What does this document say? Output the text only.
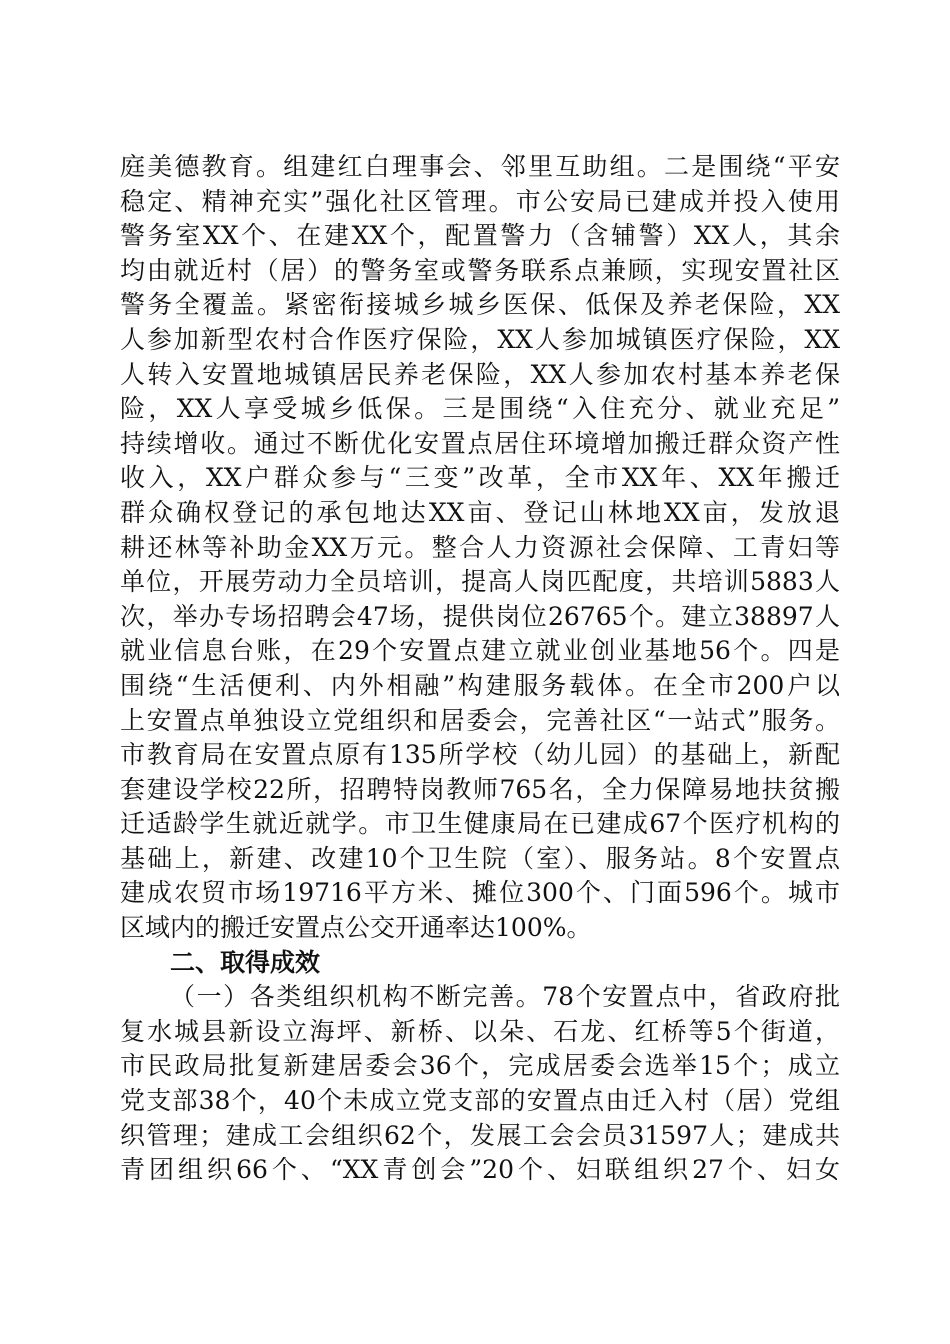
庭美德教育。组建红白理事会、邻里互助组。二是围绕“平安
稳定、精神充实”强化社区管理。市公安局已建成并投入使用
警务室XX个、在建XX个，配置警力（含辅警）XX人，其余
均由就近村（居）的警务室或警务联系点兼顾，实现安置社区
警务全覆盖。紧密衔接城乡城乡医保、低保及养老保险，XX
人参加新型农村合作医疗保险，XX人参加城镇医疗保险，XX
人转入安置地城镇居民养老保险，XX人参加农村基本养老保
险，XX人享受城乡低保。三是围绕“入住充分、就业充足”
持续增收。通过不断优化安置点居住环境增加搬迁群众资产性
收入，XX户群众参与“三变”改革，全市XX年、XX年搬迁
群众确权登记的承包地达XX亩、登记山林地XX亩，发放退
耕还林等补助金XX万元。整合人力资源社会保障、工青妇等
单位，开展劳动力全员培训，提高人岗匹配度，共培训5883人
次，举办专场招聘会47场，提供岗位26765个。建立38897人
就业信息台账，在29个安置点建立就业创业基地56个。四是
围绕“生活便利、内外相融”构建服务载体。在全市200户以
上安置点单独设立党组织和居委会，完善社区“一站式”服务。
市教育局在安置点原有135所学校（幼儿园）的基础上，新配
套建设学校22所，招聘特岗教师765名，全力保障易地扶贫搬
迁适龄学生就近就学。市卫生健康局在已建成67个医疗机构的
基础上，新建、改建10个卫生院（室）、服务站。8个安置点
建成农贸市场19716平方米、摊位300个、门面596个。城市
区域内的搬迁安置点公交开通率达100%。
二、取得成效
（一）各类组织机构不断完善。78个安置点中，省政府批
复水城县新设立海坪、新桥、以朵、石龙、红桥等5个街道，
市民政局批复新建居委会36个，完成居委会选举15个；成立
党支部38个，40个未成立党支部的安置点由迁入村（居）党组
织管理；建成工会组织62个，发展工会会员31597人；建成共
青团组织66个、“XX青创会”20个、妇联组织27个、妇女
